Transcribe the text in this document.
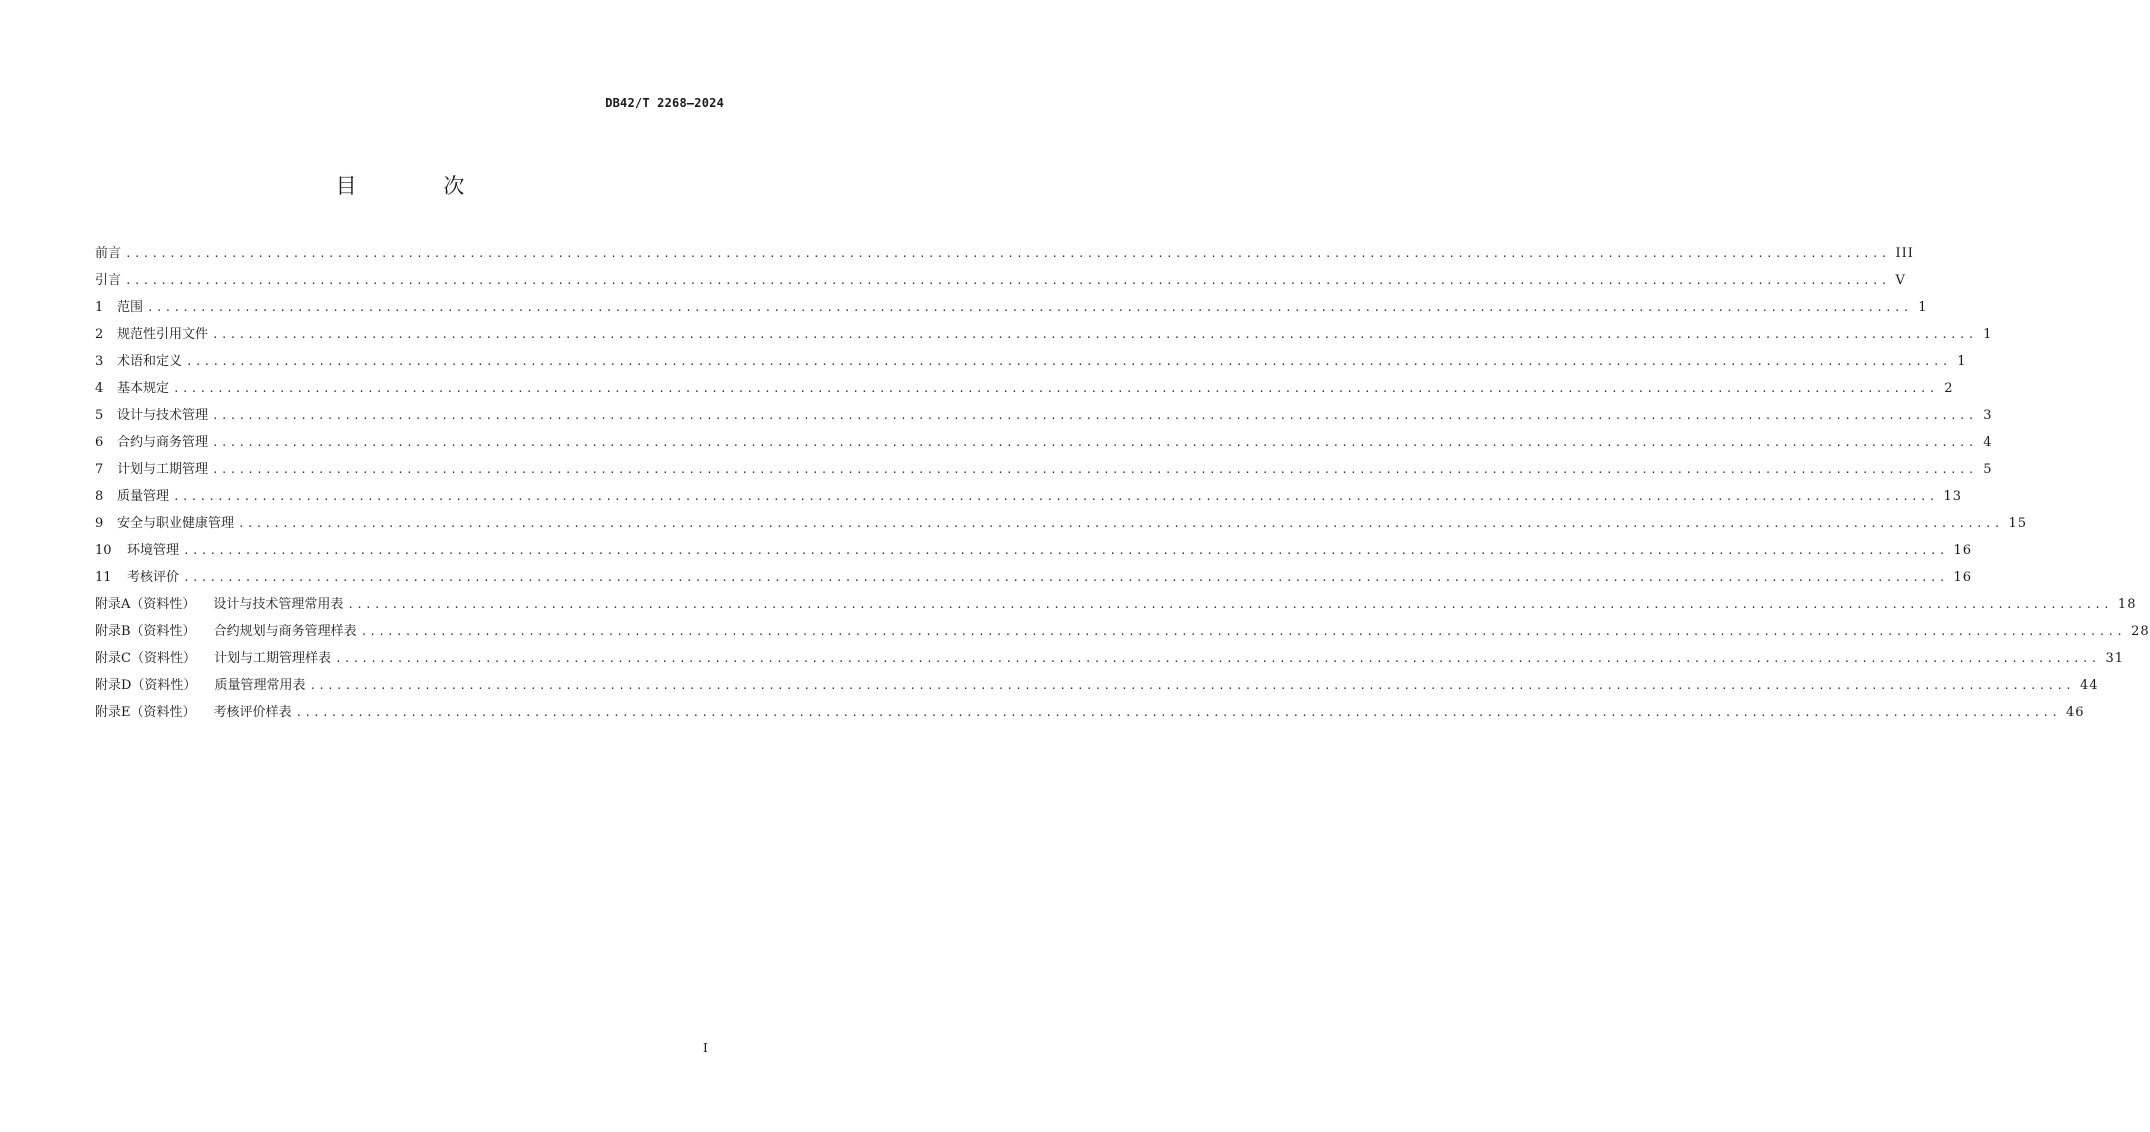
DB42/T 2268—2024
目 次
前言 ........................................................................................................................................................................................................ III
引言 ........................................................................................................................................................................................................ V
1 范围 ........................................................................................................................................................................................................ 1
2 规范性引用文件 ........................................................................................................................................................................................................ 1
3 术语和定义 ........................................................................................................................................................................................................ 1
4 基本规定 ........................................................................................................................................................................................................ 2
5 设计与技术管理 ........................................................................................................................................................................................................ 3
6 合约与商务管理 ........................................................................................................................................................................................................ 4
7 计划与工期管理 ........................................................................................................................................................................................................ 5
8 质量管理 ........................................................................................................................................................................................................ 13
9 安全与职业健康管理 ........................................................................................................................................................................................................ 15
10 环境管理 ........................................................................................................................................................................................................ 16
11 考核评价 ........................................................................................................................................................................................................ 16
附录A（资料性） 设计与技术管理常用表 ........................................................................................................................................................................................................ 18
附录B（资料性） 合约规划与商务管理样表 ........................................................................................................................................................................................................ 28
附录C（资料性） 计划与工期管理样表 ........................................................................................................................................................................................................ 31
附录D（资料性） 质量管理常用表 ........................................................................................................................................................................................................ 44
附录E（资料性） 考核评价样表 ........................................................................................................................................................................................................ 46
I
